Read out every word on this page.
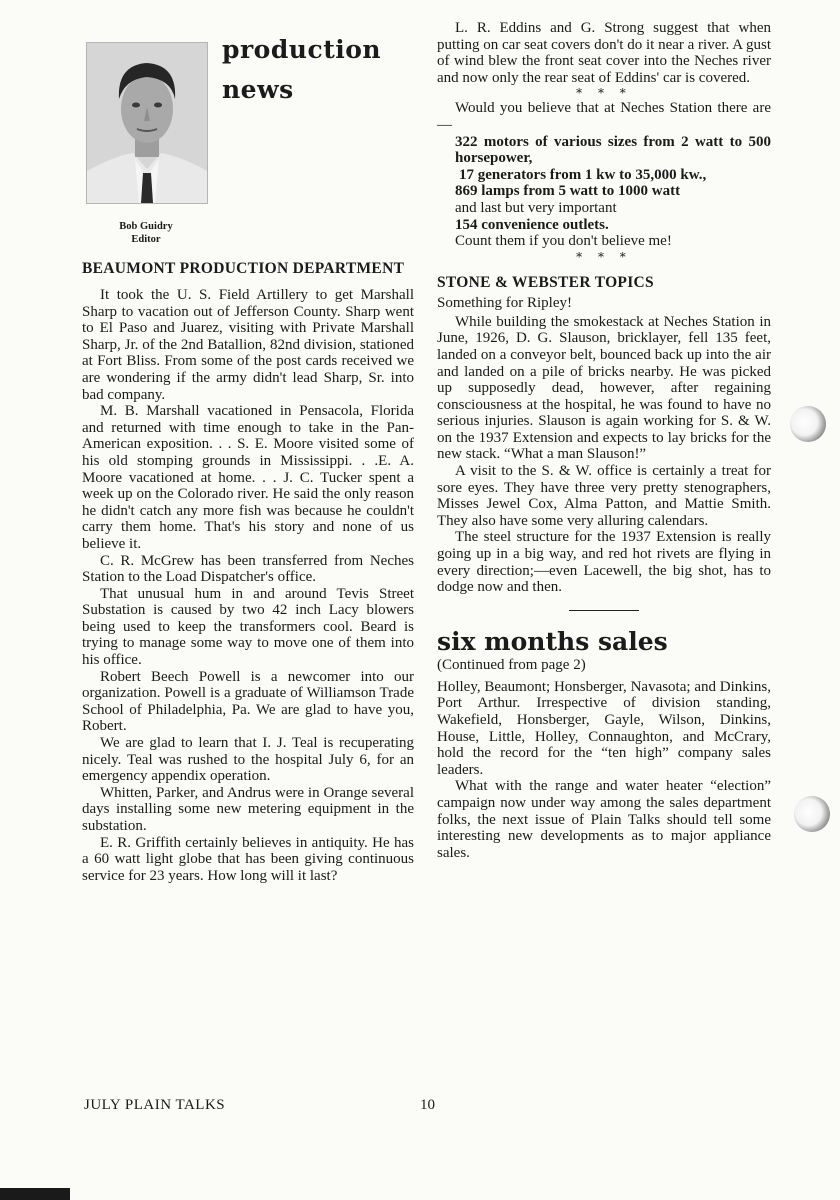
Bob Guidry
Editor
production
news
BEAUMONT PRODUCTION DEPARTMENT

It took the U. S. Field Artillery to get Marshall Sharp to vacation out of Jefferson County. Sharp went to El Paso and Juarez, visiting with Private Marshall Sharp, Jr. of the 2nd Batallion, 82nd division, stationed at Fort Bliss. From some of the post cards received we are wondering if the army didn't lead Sharp, Sr. into bad company.

M. B. Marshall vacationed in Pensacola, Florida and returned with time enough to take in the Pan-American exposition. . . S. E. Moore visited some of his old stomping grounds in Mississippi. . .E. A. Moore vacationed at home. . . J. C. Tucker spent a week up on the Colorado river. He said the only reason he didn't catch any more fish was because he couldn't carry them home. That's his story and none of us believe it.

C. R. McGrew has been transferred from Neches Station to the Load Dispatcher's office.

That unusual hum in and around Tevis Street Substation is caused by two 42 inch Lacy blowers being used to keep the transformers cool. Beard is trying to manage some way to move one of them into his office.

Robert Beech Powell is a newcomer into our organization. Powell is a graduate of Williamson Trade School of Philadelphia, Pa. We are glad to have you, Robert.

We are glad to learn that I. J. Teal is recuperating nicely. Teal was rushed to the hospital July 6, for an emergency appendix operation.

Whitten, Parker, and Andrus were in Orange several days installing some new metering equipment in the substation.

E. R. Griffith certainly believes in antiquity. He has a 60 watt light globe that has been giving continuous service for 23 years. How long will it last?

L. R. Eddins and G. Strong suggest that when putting on car seat covers don't do it near a river. A gust of wind blew the front seat cover into the Neches river and now only the rear seat of Eddins' car is covered.

* * *

Would you believe that at Neches Station there are—

322 motors of various sizes from 2 watt to 500 horsepower,

17 generators from 1 kw to 35,000 kw.,

869 lamps from 5 watt to 1000 watt

and last but very important

154 convenience outlets.

Count them if you don't believe me!

* * *

STONE & WEBSTER TOPICS

Something for Ripley!

While building the smokestack at Neches Station in June, 1926, D. G. Slauson, bricklayer, fell 135 feet, landed on a conveyor belt, bounced back up into the air and landed on a pile of bricks nearby. He was picked up supposedly dead, however, after regaining consciousness at the hospital, he was found to have no serious injuries. Slauson is again working for S. & W. on the 1937 Extension and expects to lay bricks for the new stack. “What a man Slauson!”

A visit to the S. & W. office is certainly a treat for sore eyes. They have three very pretty stenographers, Misses Jewel Cox, Alma Patton, and Mattie Smith. They also have some very alluring calendars.

The steel structure for the 1937 Extension is really going up in a big way, and red hot rivets are flying in every direction;—even Lacewell, the big shot, has to dodge now and then.

six months sales

(Continued from page 2)

Holley, Beaumont; Honsberger, Navasota; and Dinkins, Port Arthur. Irrespective of division standing, Wakefield, Honsberger, Gayle, Wilson, Dinkins, House, Little, Holley, Connaughton, and McCrary, hold the record for the “ten high” company sales leaders.

What with the range and water heater “election” campaign now under way among the sales department folks, the next issue of Plain Talks should tell some interesting new developments as to major appliance sales.

JULY PLAIN TALKS	10
